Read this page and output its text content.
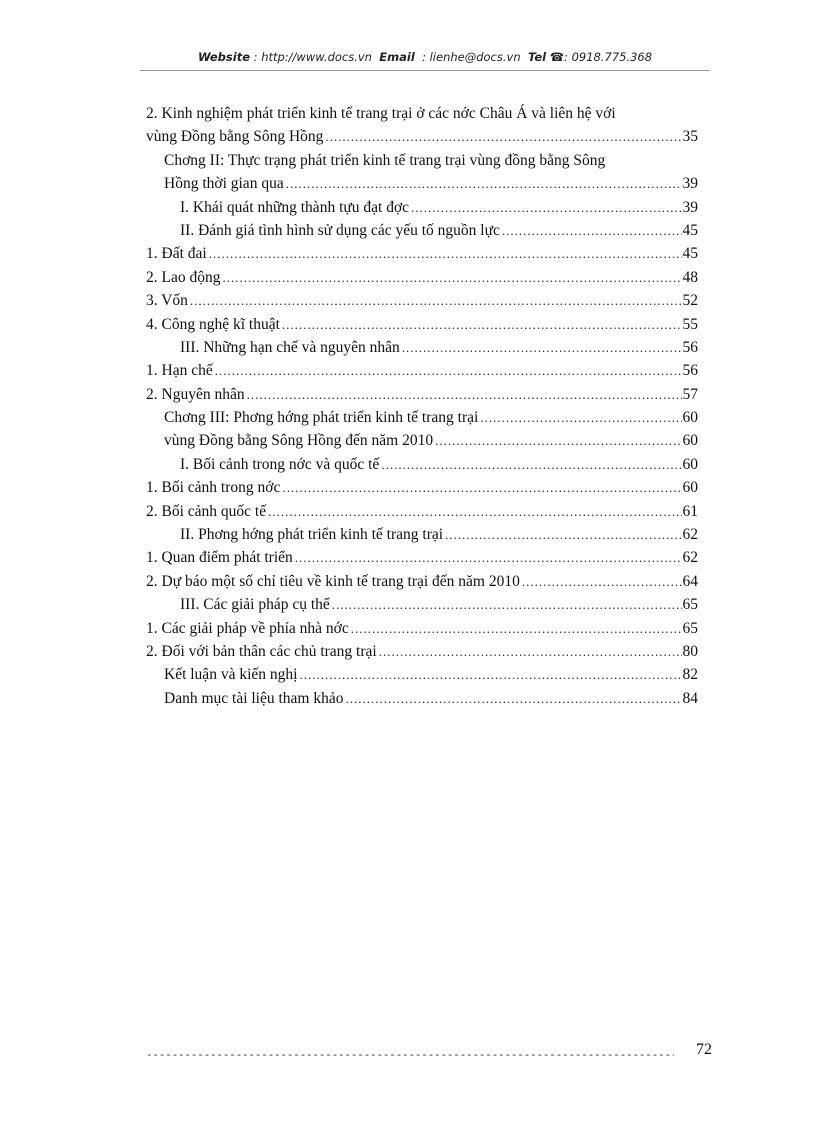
Website : http://www.docs.vn Email : lienhe@docs.vn Tel ☎: 0918.775.368
2. Kinh nghiệm phát triển kinh tế trang trại ở các nớc Châu Á và liên hệ với
vùng Đồng bằng Sông Hồng .....	35
Chơng II: Thực trạng phát triển kinh tế trang trại vùng đồng bằng Sông
Hồng thời gian qua .....	39
I. Khái quát những thành tựu đạt đợc .....	39
II. Đánh giá tình hình sử dụng các yếu tố nguồn lực .....	45
1. Đất đai .....	45
2. Lao động .....	48
3. Vốn .....	52
4. Công nghệ kĩ thuật .....	55
III. Những hạn chế và nguyên nhân .....	56
1. Hạn chế .....	56
2. Nguyên nhân .....	57
Chơng III: Phơng hớng phát triển kinh tế trang trại .....	60
vùng Đồng bằng Sông Hồng đến năm 2010 .....	60
I. Bối cảnh trong nớc và quốc tế .....	60
1. Bối cảnh trong nớc .....	60
2. Bối cảnh quốc tế .....	61
II. Phơng hớng phát triển kinh tế trang trại .....	62
1. Quan điểm phát triển .....	62
2. Dự báo một số chỉ tiêu về kinh tế trang trại đến năm 2010 .....	64
III. Các giải pháp cụ thể .....	65
1. Các giải pháp về phía nhà nớc .....	65
2. Đối với bản thân các chủ trang trại .....	80
Kết luận và kiến nghị .....	82
Danh mục tài liệu tham khảo .....	84
-----
72
